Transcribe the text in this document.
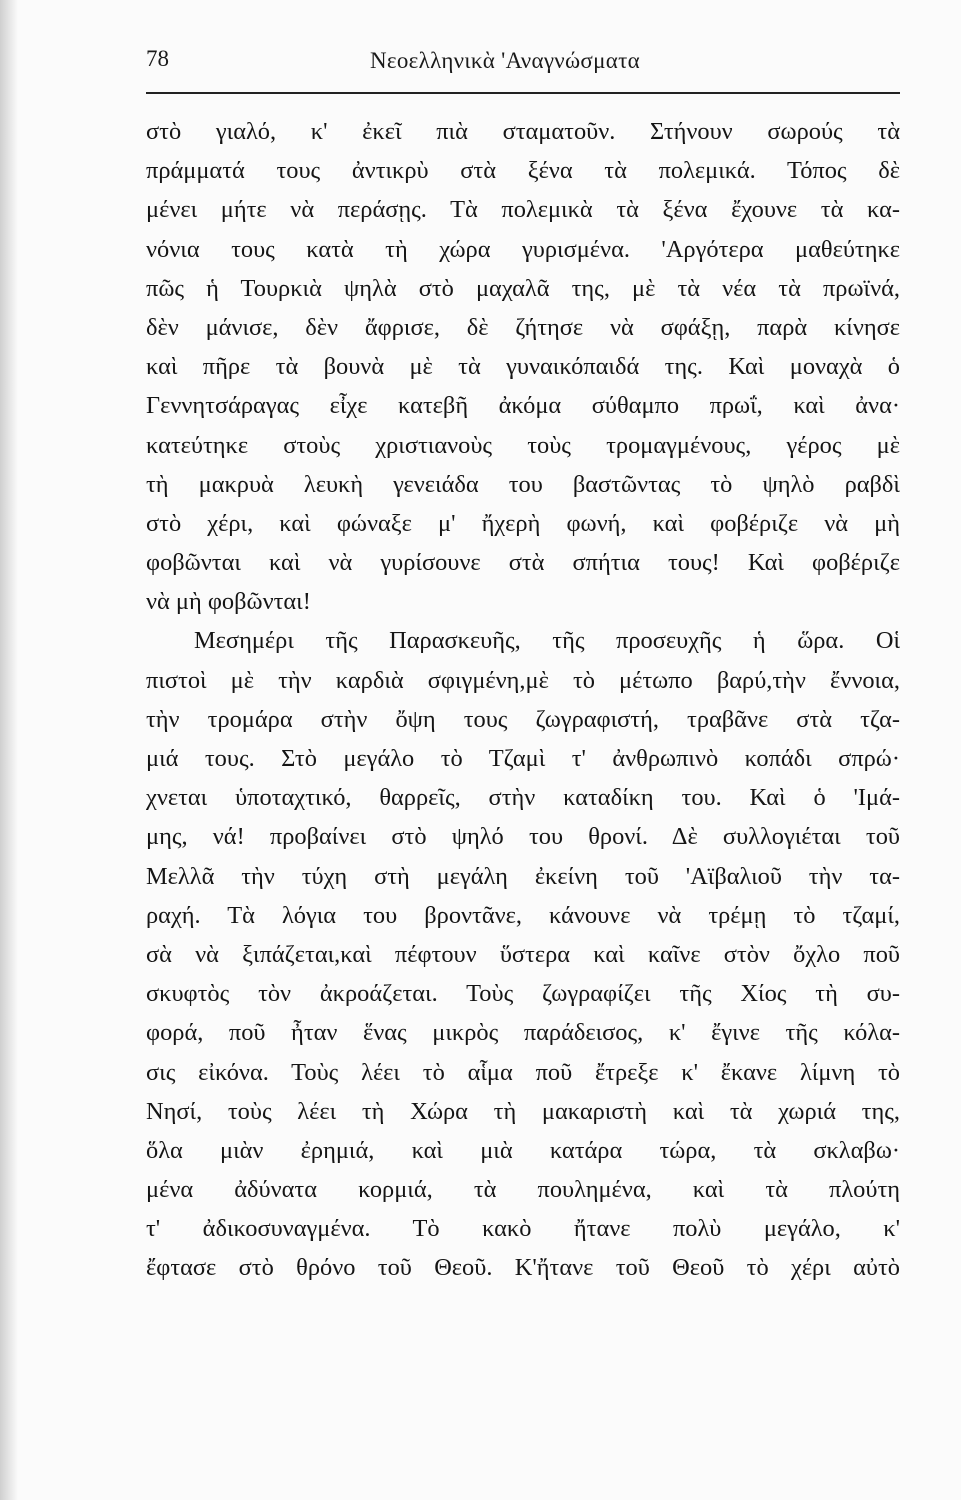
78	Νεοελληνικὰ 'Αναγνώσματα
στὸ γιαλό, κ' ἐκεῖ πιὰ σταματοῦν. Στήνουν σωρούς τὰ
πράμματά τους ἀντικρὺ στὰ ξένα τὰ πολεμικά. Τόπος δὲ
μένει μήτε νὰ περάσῃς. Τὰ πολεμικὰ τὰ ξένα ἔχουνε τὰ κα-
νόνια τους κατὰ τὴ χώρα γυρισμένα. 'Αργότερα μαθεύτηκε
πῶς ἡ Τουρκιὰ ψηλὰ στὸ μαχαλᾶ της, μὲ τὰ νέα τὰ πρωϊνά,
δὲν μάνισε, δὲν ἄφρισε, δὲ ζήτησε νὰ σφάξῃ, παρὰ κίνησε
καὶ πῆρε τὰ βουνὰ μὲ τὰ γυναικόπαιδά της. Καὶ μοναχὰ ὁ
Γεννητσάραγας εἶχε κατεβῆ ἀκόμα σύθαμπο πρωΐ, καὶ ἀνα·
κατεύτηκε στοὺς χριστιανοὺς τοὺς τρομαγμένους, γέρος μὲ
τὴ μακρυὰ λευκὴ γενειάδα του βαστῶντας τὸ ψηλὸ ραβδὶ
στὸ χέρι, καὶ φώναξε μ' ἤχερὴ φωνή, καὶ φοβέριζε νὰ μὴ
φοβῶνται καὶ νὰ γυρίσουνε στὰ σπήτια τους! Καὶ φοβέριζε
νὰ μὴ φοβῶνται!
Μεσημέρι τῆς Παρασκευῆς, τῆς προσευχῆς ἡ ὥρα. Οἱ
πιστοὶ μὲ τὴν καρδιὰ σφιγμένη,μὲ τὸ μέτωπο βαρύ,τὴν ἔννοια,
τὴν τρομάρα στὴν ὄψη τους ζωγραφιστή, τραβᾶνε στὰ τζα-
μιά τους. Στὸ μεγάλο τὸ Τζαμὶ τ' ἀνθρωπινὸ κοπάδι σπρώ·
χνεται ὑποταχτικό, θαρρεῖς, στὴν καταδίκη του. Καὶ ὁ 'Ιμά-
μης, νά! προβαίνει στὸ ψηλό του θρονί. Δὲ συλλογιέται τοῦ
Μελλᾶ τὴν τύχη στὴ μεγάλη ἐκείνη τοῦ 'Αϊβαλιοῦ τὴν τα-
ραχή. Τὰ λόγια του βροντᾶνε, κάνουνε νὰ τρέμῃ τὸ τζαμί,
σὰ νὰ ξιπάζεται,καὶ πέφτουν ὕστερα καὶ καῖνε στὸν ὄχλο ποῦ
σκυφτὸς τὸν ἀκροάζεται. Τοὺς ζωγραφίζει τῆς Χίος τὴ συ-
φορά, ποῦ ἦταν ἕνας μικρὸς παράδεισος, κ' ἔγινε τῆς κόλα-
σις εἰκόνα. Τοὺς λέει τὸ αἷμα ποῦ ἔτρεξε κ' ἔκανε λίμνη τὸ
Νησί, τοὺς λέει τὴ Χώρα τὴ μακαριστὴ καὶ τὰ χωριά της,
ὅλα μιὰν ἐρημιά, καὶ μιὰ κατάρα τώρα, τὰ σκλαβω·
μένα ἀδύνατα κορμιά, τὰ πουλημένα, καὶ τὰ πλούτη
τ' ἀδικοσυναγμένα. Τὸ κακὸ ἤτανε πολὺ μεγάλο, κ'
ἔφτασε στὸ θρόνο τοῦ Θεοῦ. Κ'ἤτανε τοῦ Θεοῦ τὸ χέρι αὐτὸ
